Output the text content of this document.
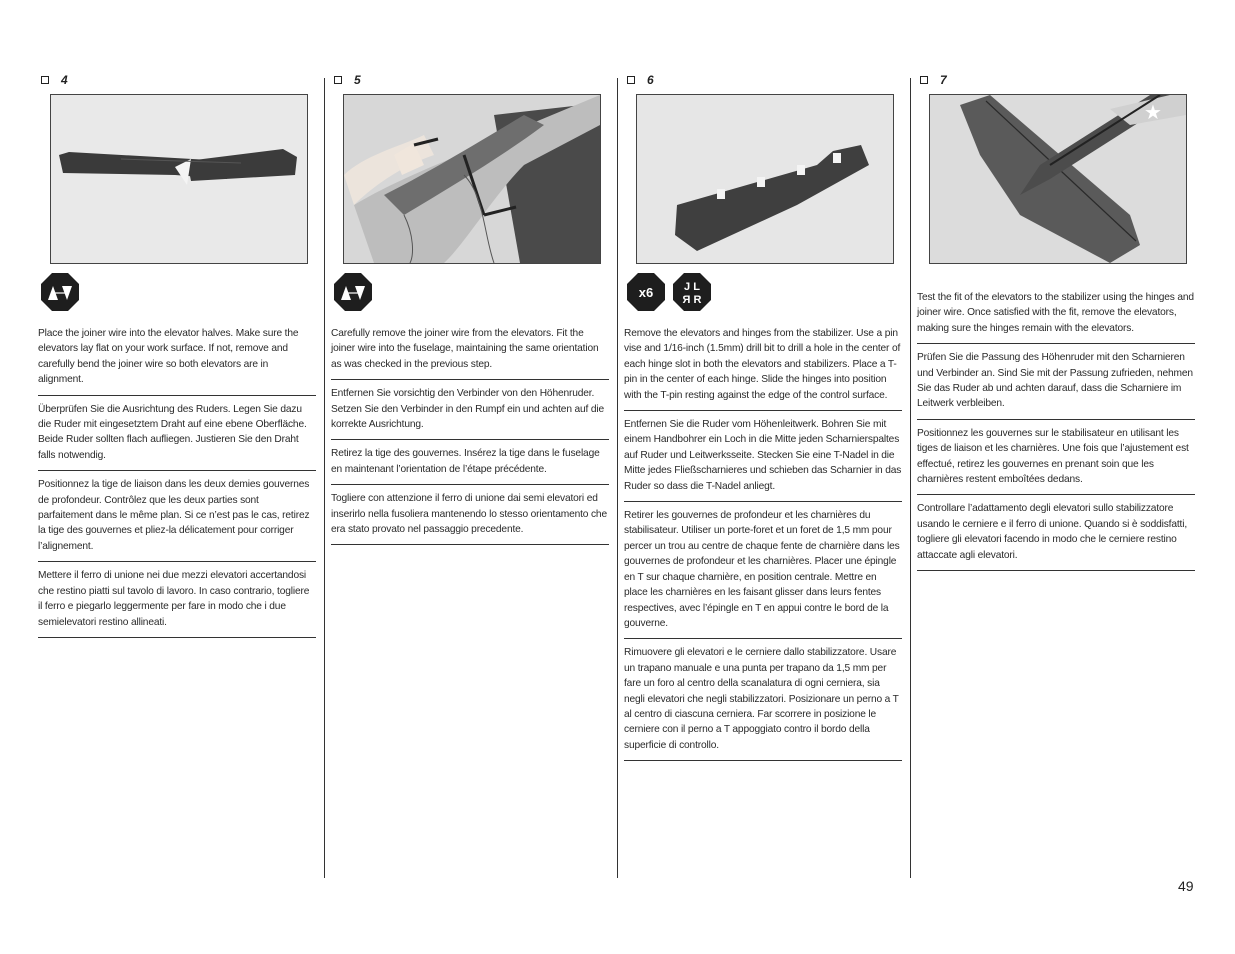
4
Place the joiner wire into the elevator halves. Make sure the elevators lay flat on your work surface. If not, remove and carefully bend the joiner wire so both elevators are in alignment.
Überprüfen Sie die Ausrichtung des Ruders. Legen Sie dazu die Ruder mit eingesetztem Draht auf eine ebene Oberfläche. Beide Ruder sollten flach aufliegen. Justieren Sie den Draht falls notwendig.
Positionnez la tige de liaison dans les deux demies gouvernes de profondeur. Contrôlez que les deux parties sont parfaitement dans le même plan. Si ce n’est pas le cas, retirez la tige des gouvernes et pliez-la délicatement pour corriger l’alignement.
Mettere il ferro di unione nei due mezzi elevatori accertandosi che restino piatti sul tavolo di lavoro. In caso contrario, togliere il ferro e piegarlo leggermente per fare in modo che i due semielevatori restino allineati.
5
Carefully remove the joiner wire from the elevators. Fit the joiner wire into the fuselage, maintaining the same orientation as was checked in the previous step.
Entfernen Sie vorsichtig den Verbinder von den Höhenruder. Setzen Sie den Verbinder in den Rumpf ein und achten auf die korrekte Ausrichtung.
Retirez la tige des gouvernes. Insérez la tige dans le fuselage en maintenant l’orientation de l’étape précédente.
Togliere con attenzione il ferro di unione dai semi elevatori ed inserirlo nella fusoliera mantenendo lo stesso orientamento che era stato provato nel passaggio precedente.
6
x6	J L
Я R
Remove the elevators and hinges from the stabilizer. Use a pin vise and 1/16-inch (1.5mm) drill bit to drill a hole in the center of each hinge slot in both the elevators and stabilizers. Place a T-pin in the center of each hinge. Slide the hinges into position with the T-pin resting against the edge of the control surface.
Entfernen Sie die Ruder vom Höhenleitwerk. Bohren Sie mit einem Handbohrer ein Loch in die Mitte jeden Scharnierspaltes auf Ruder und Leitwerksseite. Stecken Sie eine T-Nadel in die Mitte jedes Fließscharnieres und schieben das Scharnier in das Ruder so dass die T-Nadel anliegt.
Retirer les gouvernes de profondeur et les charnières du stabilisateur. Utiliser un porte-foret et un foret de 1,5 mm pour percer un trou au centre de chaque fente de charnière dans les gouvernes de profondeur et les charnières. Placer une épingle en T sur chaque charnière, en position centrale. Mettre en place les charnières en les faisant glisser dans leurs fentes respectives, avec l’épingle en T en appui contre le bord de la gouverne.
Rimuovere gli elevatori e le cerniere dallo stabilizzatore. Usare un trapano manuale e una punta per trapano da 1,5 mm per fare un foro al centro della scanalatura di ogni cerniera, sia negli elevatori che negli stabilizzatori. Posizionare un perno a T al centro di ciascuna cerniera. Far scorrere in posizione le cerniere con il perno a T appoggiato contro il bordo della superficie di controllo.
7
★
Test the fit of the elevators to the stabilizer using the hinges and joiner wire. Once satisfied with the fit, remove the elevators, making sure the hinges remain with the elevators.
Prüfen Sie die Passung des Höhenruder mit den Scharnieren und Verbinder an. Sind Sie mit der Passung zufrieden, nehmen Sie das Ruder ab und achten darauf, dass die Scharniere im Leitwerk verbleiben.
Positionnez les gouvernes sur le stabilisateur en utilisant les tiges de liaison et les charnières. Une fois que l’ajustement est effectué, retirez les gouvernes en prenant soin que les charnières restent emboîtées dedans.
Controllare l’adattamento degli elevatori sullo stabilizzatore usando le cerniere e il ferro di unione. Quando si è soddisfatti, togliere gli elevatori facendo in modo che le cerniere restino attaccate agli elevatori.
49
